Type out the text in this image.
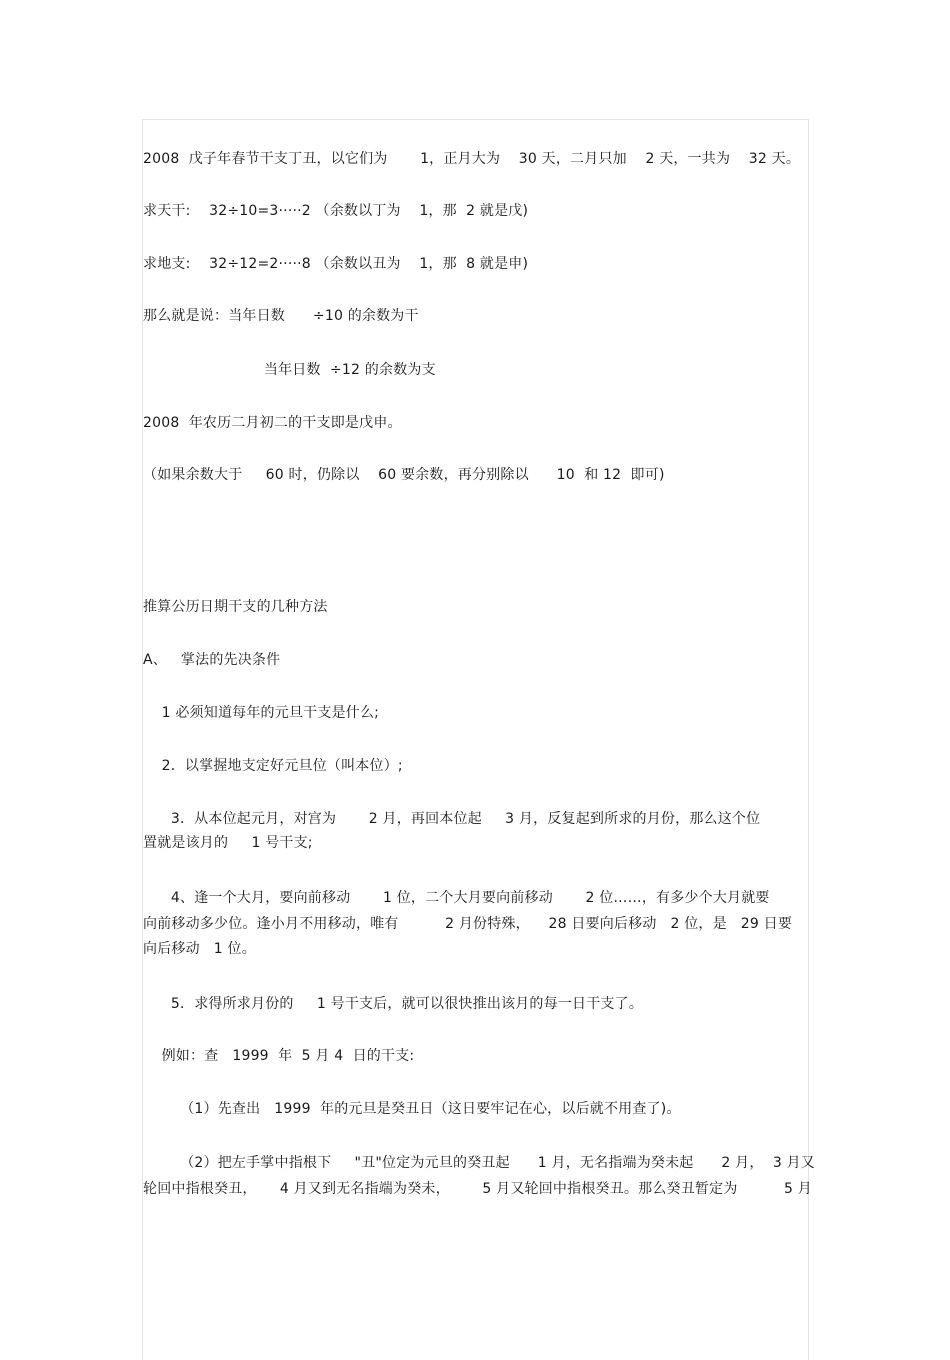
2008  戊子年春节干支丁丑，以它们为       1，正月大为    30 天，二月只加    2 天，一共为    32 天。
求天干:    32÷10=3·····2 （余数以丁为    1，那  2 就是戊)
求地支:    32÷12=2·····8 （余数以丑为    1，那  8 就是申)
那么就是说：当年日数      ÷10 的余数为干
当年日数  ÷12 的余数为支
2008  年农历二月初二的干支即是戊申。
（如果余数大于     60 时，仍除以    60 要余数，再分别除以      10  和 12  即可)
推算公历日期干支的几种方法
A、   掌法的先决条件
1 必须知道每年的元旦干支是什么;
2．以掌握地支定好元旦位（叫本位）;
3．从本位起元月，对宫为       2 月，再回本位起     3 月，反复起到所求的月份，那么这个位
置就是该月的     1 号干支;
4、逢一个大月，要向前移动       1 位，二个大月要向前移动       2 位……，有多少个大月就要
向前移动多少位。逢小月不用移动，唯有          2 月份特殊，    28 日要向后移动   2 位，是   29 日要
向后移动   1 位。
5．求得所求月份的     1 号干支后，就可以很快推出该月的每一日干支了。
例如：查   1999  年  5 月 4  日的干支:
（1）先查出   1999  年的元旦是癸丑日（这日要牢记在心，以后就不用查了)。
（2）把左手掌中指根下     "丑"位定为元旦的癸丑起      1 月，无名指端为癸未起      2 月，  3 月又
轮回中指根癸丑，     4 月又到无名指端为癸未，       5 月又轮回中指根癸丑。那么癸丑暂定为          5 月
